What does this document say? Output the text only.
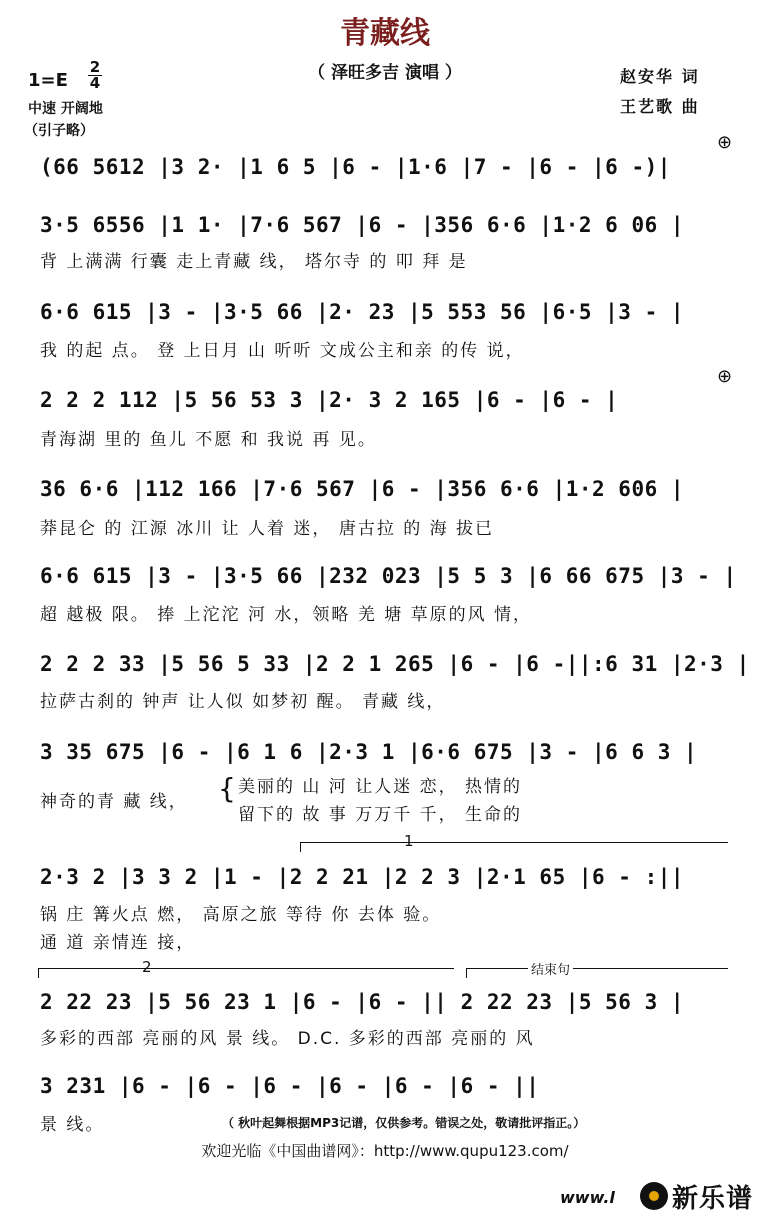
青藏线
（ 泽旺多吉 演唱 ）
1=E
2
4
中速 开阔地
（引子略）
赵安华 词
王艺歌 曲
⊕
⊕
(66 5612 |3 2· |1 6 5 |6 - |1·6 |7 - |6 - |6 -)|
3·5 6556 |1 1· |7·6 567 |6 - |356 6·6 |1·2 6 06 |
背 上满满 行囊 走上青藏 线， 塔尔寺 的 叩 拜 是
6·6 615 |3 - |3·5 66 |2· 23 |5 553 56 |6·5 |3 - |
我 的起 点。 登 上日月 山 听听 文成公主和亲 的传 说，
2 2 2 112 |5 56 53 3 |2· 3 2 165 |6 - |6 - |
青海湖 里的 鱼儿 不愿 和 我说 再 见。
36 6·6 |112 166 |7·6 567 |6 - |356 6·6 |1·2 606 |
莽昆仑 的 江源 冰川 让 人着 迷， 唐古拉 的 海 拔已
6·6 615 |3 - |3·5 66 |232 023 |5 5 3 |6 66 675 |3 - |
超 越极 限。 捧 上沱沱 河 水，领略 羌 塘 草原的风 情，
2 2 2 33 |5 56 5 33 |2 2 1 265 |6 - |6 -||:6 31 |2·3 |
拉萨古刹的 钟声 让人似 如梦初 醒。 青藏 线，
3 35 675 |6 - |6 1 6 |2·3 1 |6·6 675 |3 - |6 6 3 |
神奇的青 藏 线，	{ 美丽的 山 河 让人迷 恋， 热情的
留下的 故 事 万万千 千， 生命的
1
2·3 2 |3 3 2 |1 - |2 2 21 |2 2 3 |2·1 65 |6 - :||
锅 庄 篝火点 燃， 高原之旅 等待 你 去体 验。
通 道 亲情连 接，
2	结束句
2 22 23 |5 56 23 1 |6 - |6 - || 2 22 23 |5 56 3 |
多彩的西部 亮丽的风 景 线。 D.C. 多彩的西部 亮丽的 风
3 231 |6 - |6 - |6 - |6 - |6 - |6 - ||
景 线。	（ 秋叶起舞根据MP3记谱，仅供参考。错误之处，敬请批评指正。）
欢迎光临《中国曲谱网》：http://www.qupu123.com/
www.l 新乐谱
